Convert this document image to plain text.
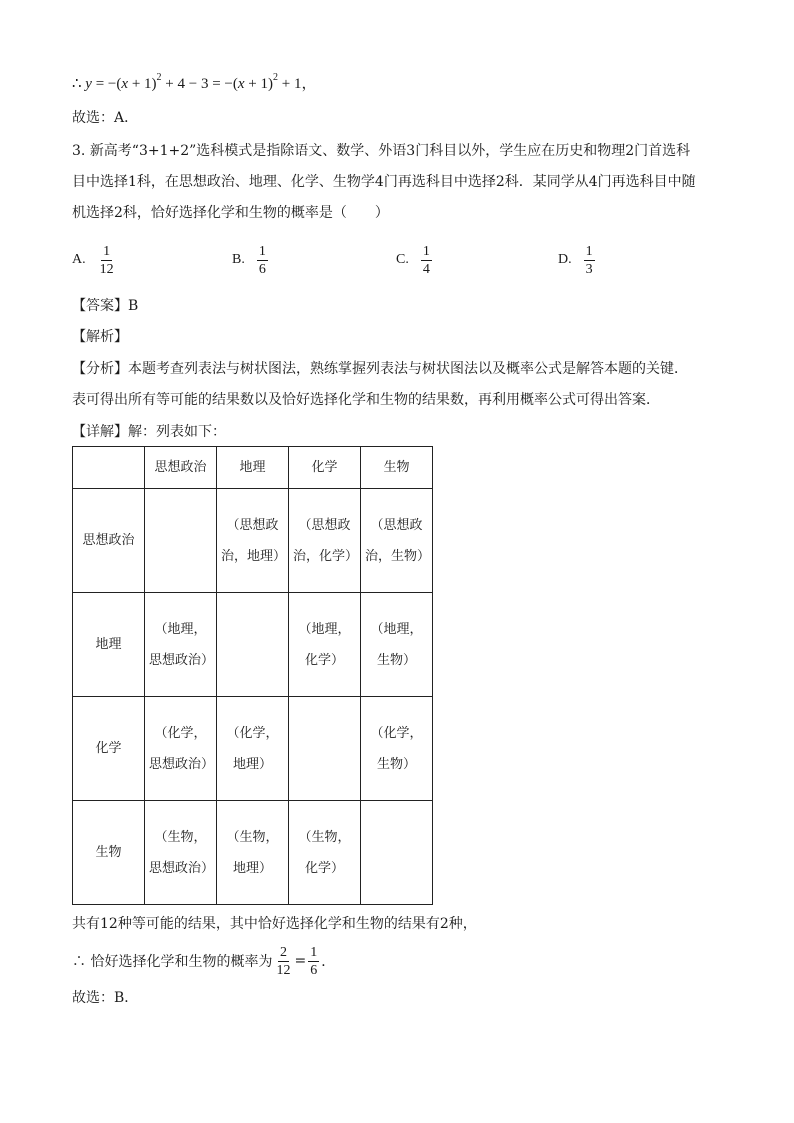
∴ $y = -(x + 1)^2 + 4 - 3 = -(x + 1)^2 + 1$，
故选：A．
3. 新高考“3+1+2”选科模式是指除语文、数学、外语3门科目以外，学生应在历史和物理2门首选科
目中选择1科，在思想政治、地理、化学、生物学4门再选科目中选择2科．某同学从4门再选科目中随
机选择2科，恰好选择化学和生物的概率是（　　）
A. $\frac{1}{12}$	B. $\frac{1}{6}$	C. $\frac{1}{4}$	D. $\frac{1}{3}$
【答案】B
【解析】
【分析】本题考查列表法与树状图法，熟练掌握列表法与树状图法以及概率公式是解答本题的关键．
表可得出所有等可能的结果数以及恰好选择化学和生物的结果数，再利用概率公式可得出答案．
【详解】解：列表如下：
	思想政治	地理	化学	生物
思想政治		（思想政治，地理）	（思想政治，化学）	（思想政治，生物）
地理	（地理，思想政治）		（地理，化学）	（地理，生物）
化学	（化学，思想政治）	（化学，地理）		（化学，生物）
生物	（生物，思想政治）	（生物，地理）	（生物，化学）	
共有12种等可能的结果，其中恰好选择化学和生物的结果有2种，
∴ 恰好选择化学和生物的概率为 $\frac{2}{12} = \frac{1}{6}$ ．
故选：B．
